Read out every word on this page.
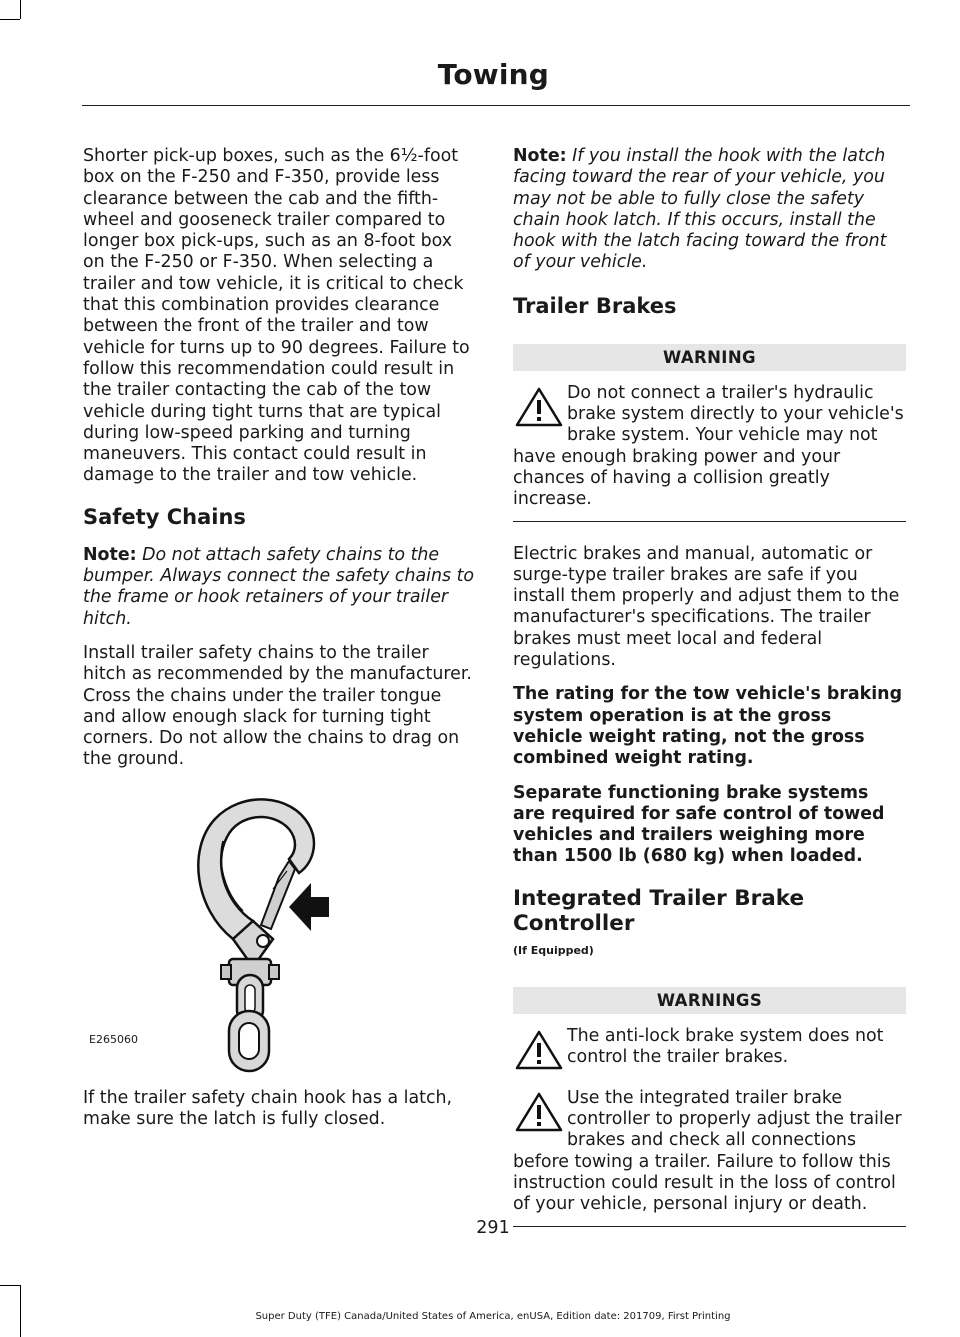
Towing

Shorter pick-up boxes, such as the 6½-foot box on the F-250 and F-350, provide less clearance between the cab and the fifth-wheel and gooseneck trailer compared to longer box pick-ups, such as an 8-foot box on the F-250 or F-350. When selecting a trailer and tow vehicle, it is critical to check that this combination provides clearance between the front of the trailer and tow vehicle for turns up to 90 degrees. Failure to follow this recommendation could result in the trailer contacting the cab of the tow vehicle during tight turns that are typical during low-speed parking and turning maneuvers. This contact could result in damage to the trailer and tow vehicle.

Safety Chains

Note: Do not attach safety chains to the bumper. Always connect the safety chains to the frame or hook retainers of your trailer hitch.

Install trailer safety chains to the trailer hitch as recommended by the manufacturer. Cross the chains under the trailer tongue and allow enough slack for turning tight corners. Do not allow the chains to drag on the ground.

E265060

If the trailer safety chain hook has a latch, make sure the latch is fully closed.

Note: If you install the hook with the latch facing toward the rear of your vehicle, you may not be able to fully close the safety chain hook latch. If this occurs, install the hook with the latch facing toward the front of your vehicle.

Trailer Brakes
WARNING

Do not connect a trailer's hydraulic brake system directly to your vehicle's brake system. Your vehicle may not have enough braking power and your chances of having a collision greatly increase.

Electric brakes and manual, automatic or surge-type trailer brakes are safe if you install them properly and adjust them to the manufacturer's specifications. The trailer brakes must meet local and federal regulations.

The rating for the tow vehicle's braking system operation is at the gross vehicle weight rating, not the gross combined weight rating.

Separate functioning brake systems are required for safe control of towed vehicles and trailers weighing more than 1500 lb (680 kg) when loaded.

Integrated Trailer Brake Controller
(If Equipped)
WARNINGS

The anti-lock brake system does not control the trailer brakes.

Use the integrated trailer brake controller to properly adjust the trailer brakes and check all connections before towing a trailer. Failure to follow this instruction could result in the loss of control of your vehicle, personal injury or death.

291
Super Duty (TFE) Canada/United States of America, enUSA, Edition date: 201709, First Printing
